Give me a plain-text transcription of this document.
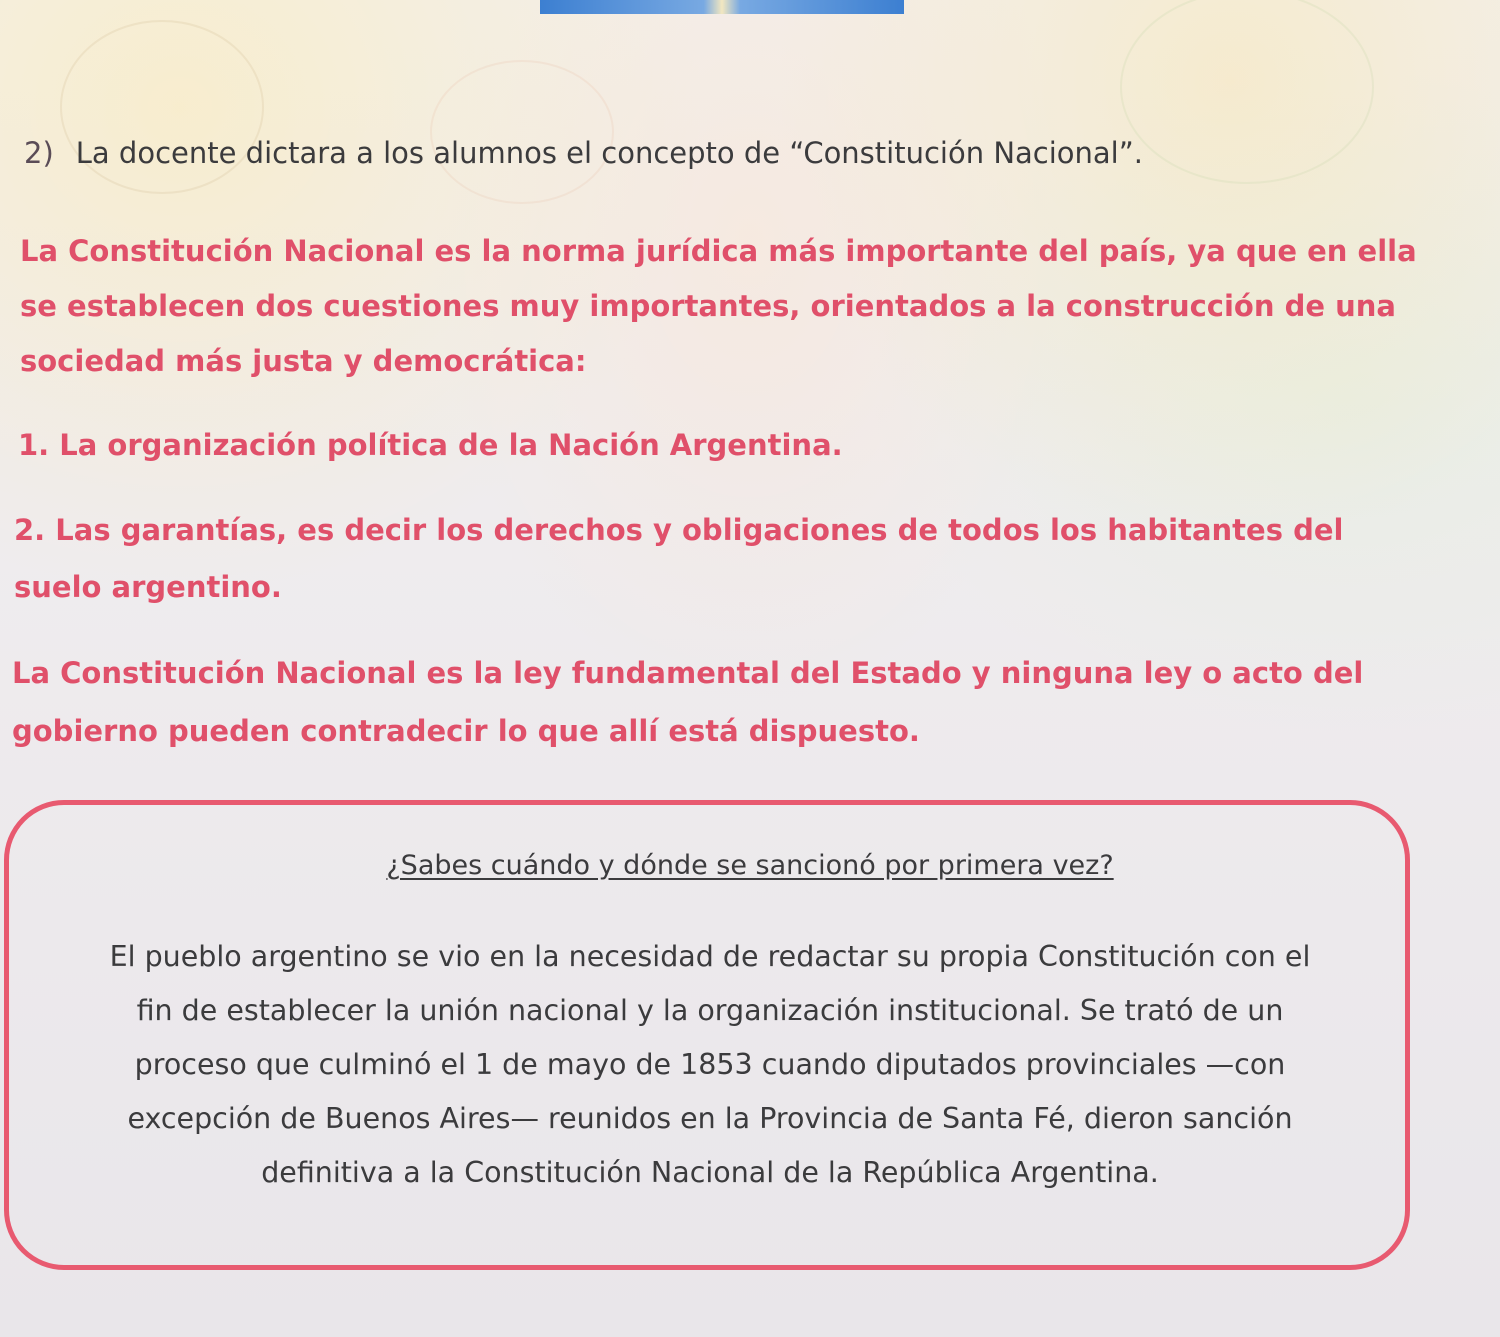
2) La docente dictara a los alumnos el concepto de “Constitución Nacional”.

La Constitución Nacional es la norma jurídica más importante del país, ya que en ella
se establecen dos cuestiones muy importantes, orientados a la construcción de una
sociedad más justa y democrática:

1. La organización política de la Nación Argentina.

2. Las garantías, es decir los derechos y obligaciones de todos los habitantes del
suelo argentino.

La Constitución Nacional es la ley fundamental del Estado y ninguna ley o acto del
gobierno pueden contradecir lo que allí está dispuesto.

¿Sabes cuándo y dónde se sancionó por primera vez?

El pueblo argentino se vio en la necesidad de redactar su propia Constitución con el
fin de establecer la unión nacional y la organización institucional. Se trató de un
proceso que culminó el 1 de mayo de 1853 cuando diputados provinciales —con
excepción de Buenos Aires— reunidos en la Provincia de Santa Fé, dieron sanción
definitiva a la Constitución Nacional de la República Argentina.
